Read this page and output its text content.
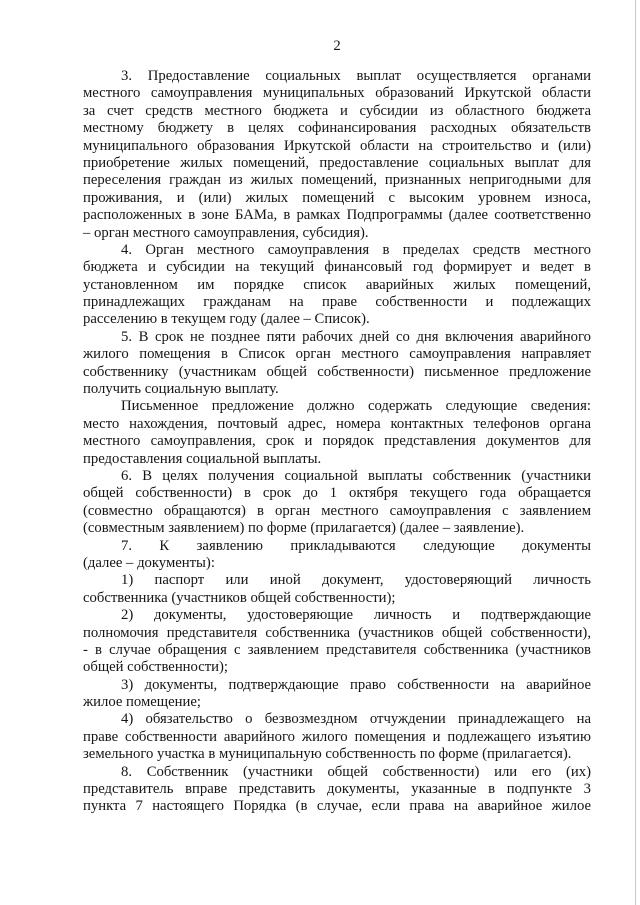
2
3. Предоставление социальных выплат осуществляется органами
местного самоуправления муниципальных образований Иркутской области
за счет средств местного бюджета и субсидии из областного бюджета
местному бюджету в целях софинансирования расходных обязательств
муниципального образования Иркутской области на строительство и (или)
приобретение жилых помещений, предоставление социальных выплат для
переселения граждан из жилых помещений, признанных непригодными для
проживания, и (или) жилых помещений с высоким уровнем износа,
расположенных в зоне БАМа, в рамках Подпрограммы (далее соответственно
– орган местного самоуправления, субсидия).
4. Орган местного самоуправления в пределах средств местного
бюджета и субсидии на текущий финансовый год формирует и ведет в
установленном им порядке список аварийных жилых помещений,
принадлежащих гражданам на праве собственности и подлежащих
расселению в текущем году (далее – Список).
5. В срок не позднее пяти рабочих дней со дня включения аварийного
жилого помещения в Список орган местного самоуправления направляет
собственнику (участникам общей собственности) письменное предложение
получить социальную выплату.
Письменное предложение должно содержать следующие сведения:
место нахождения, почтовый адрес, номера контактных телефонов органа
местного самоуправления, срок и порядок представления документов для
предоставления социальной выплаты.
6. В целях получения социальной выплаты собственник (участники
общей собственности) в срок до 1 октября текущего года обращается
(совместно обращаются) в орган местного самоуправления с заявлением
(совместным заявлением) по форме (прилагается) (далее – заявление).
7. К заявлению прикладываются следующие документы
(далее – документы):
1) паспорт или иной документ, удостоверяющий личность
собственника (участников общей собственности);
2) документы, удостоверяющие личность и подтверждающие
полномочия представителя собственника (участников общей собственности),
- в случае обращения с заявлением представителя собственника (участников
общей собственности);
3) документы, подтверждающие право собственности на аварийное
жилое помещение;
4) обязательство о безвозмездном отчуждении принадлежащего на
праве собственности аварийного жилого помещения и подлежащего изъятию
земельного участка в муниципальную собственность по форме (прилагается).
8. Собственник (участники общей собственности) или его (их)
представитель вправе представить документы, указанные в подпункте 3
пункта 7 настоящего Порядка (в случае, если права на аварийное жилое
